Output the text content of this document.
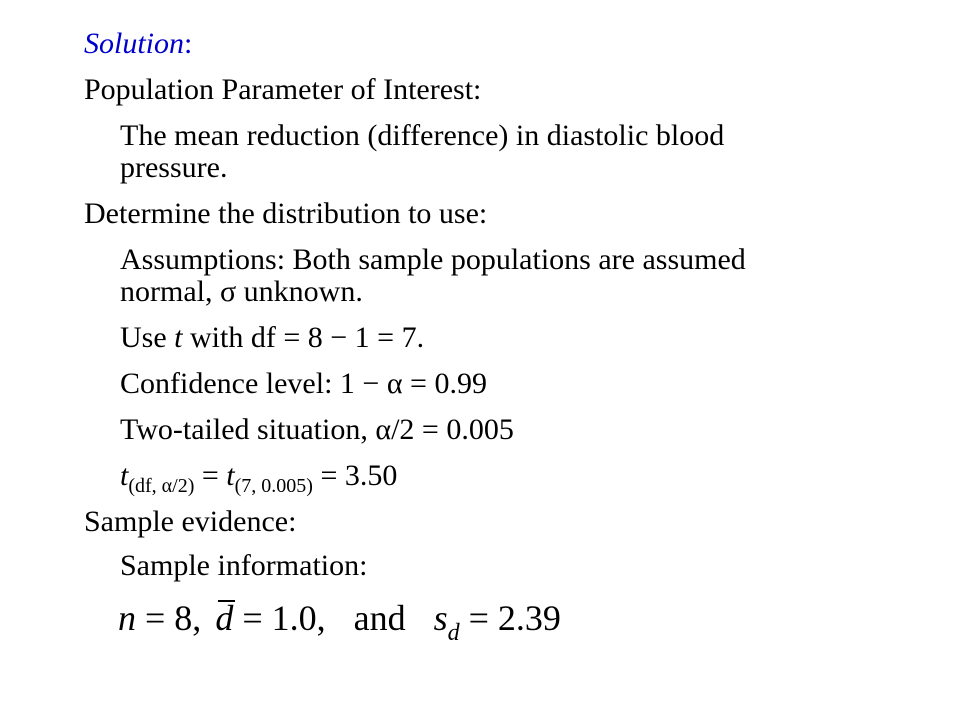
Solution:
Population Parameter of Interest:
The mean reduction (difference) in diastolic blood
pressure.
Determine the distribution to use:
Assumptions: Both sample populations are assumed
normal, σ unknown.
Use t with df = 8 − 1 = 7.
Confidence level: 1 − α = 0.99
Two-tailed situation, α/2 = 0.005
$t_{(df, \alpha/2)} = t_{(7, 0.005)} = 3.50$
Sample evidence:
Sample information:
n = 8, d = 1.0, and $s_d = 2.39$
